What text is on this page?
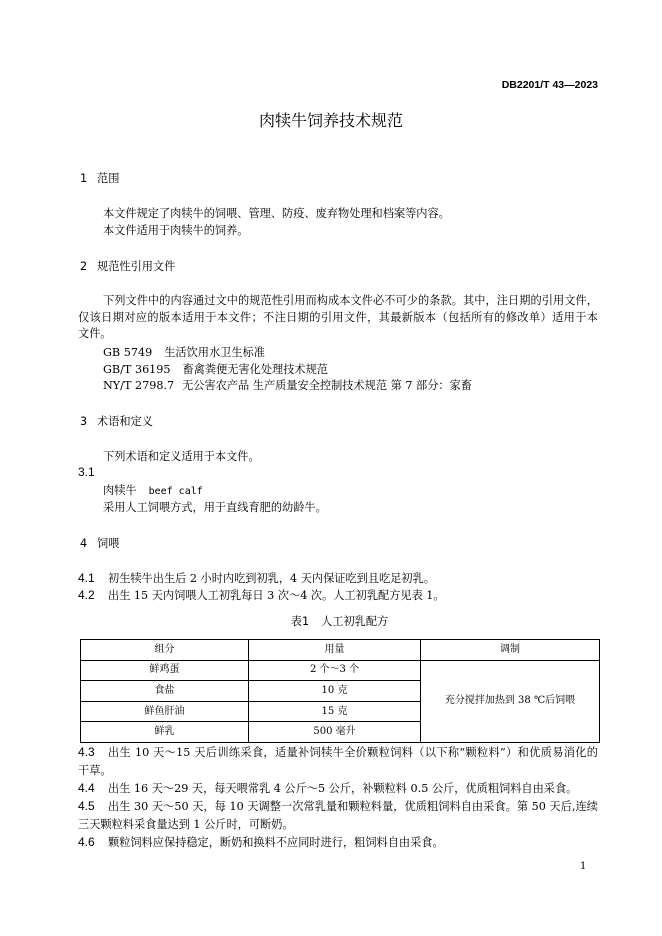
DB2201/T 43—2023
肉犊牛饲养技术规范
1 范围
本文件规定了肉犊牛的饲喂、管理、防疫、废弃物处理和档案等内容。
本文件适用于肉犊牛的饲养。
2 规范性引用文件
下列文件中的内容通过文中的规范性引用而构成本文件必不可少的条款。其中，注日期的引用文件，
仅该日期对应的版本适用于本文件；不注日期的引用文件，其最新版本（包括所有的修改单）适用于本
文件。
GB 5749 生活饮用水卫生标准
GB/T 36195 畜禽粪便无害化处理技术规范
NY/T 2798.7 无公害农产品 生产质量安全控制技术规范 第 7 部分：家畜
3 术语和定义
下列术语和定义适用于本文件。
3.1
肉犊牛 beef calf
采用人工饲喂方式，用于直线育肥的幼龄牛。
4 饲喂
4.1 初生犊牛出生后 2 小时内吃到初乳，4 天内保证吃到且吃足初乳。
4.2 出生 15 天内饲喂人工初乳每日 3 次～4 次。人工初乳配方见表 1。
表1 人工初乳配方
组分	用量	调制
鲜鸡蛋	2 个～3 个	充分搅拌加热到 38 ℃后饲喂
食盐	10 克	
鲜鱼肝油	15 克	
鲜乳	500 毫升	
4.3 出生 10 天～15 天后训练采食，适量补饲犊牛全价颗粒饲料（以下称“颗粒料”）和优质易消化的
干草。
4.4 出生 16 天～29 天，每天喂常乳 4 公斤～5 公斤，补颗粒料 0.5 公斤，优质粗饲料自由采食。
4.5 出生 30 天～50 天，每 10 天调整一次常乳量和颗粒料量，优质粗饲料自由采食。第 50 天后,连续
三天颗粒料采食量达到 1 公斤时，可断奶。
4.6 颗粒饲料应保持稳定，断奶和换料不应同时进行，粗饲料自由采食。
1
